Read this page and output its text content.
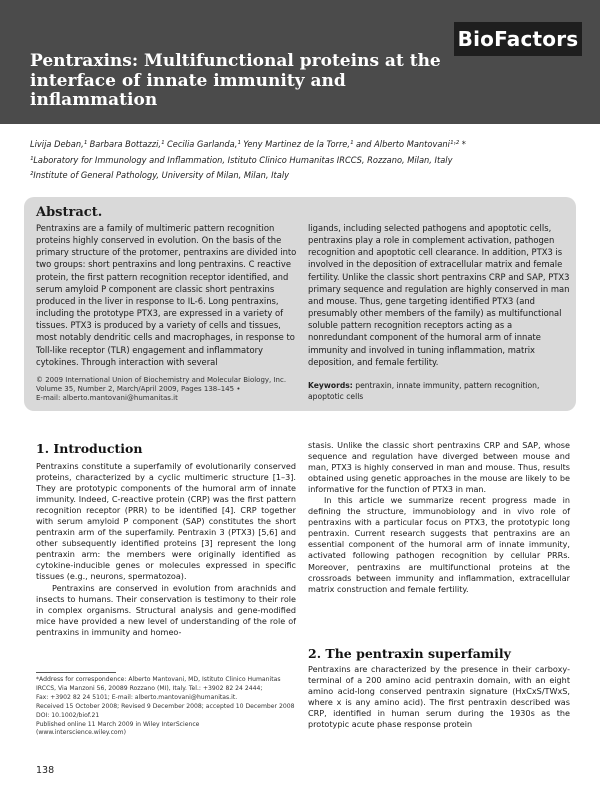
BioFactors
Pentraxins: Multifunctional proteins at the interface of innate immunity and inflammation
Livija Deban,¹ Barbara Bottazzi,¹ Cecilia Garlanda,¹ Yeny Martinez de la Torre,¹ and Alberto Mantovani¹˒² *
¹Laboratory for Immunology and Inflammation, Istituto Clinico Humanitas IRCCS, Rozzano, Milan, Italy
²Institute of General Pathology, University of Milan, Milan, Italy
Abstract.

Pentraxins are a family of multimeric pattern recognition proteins highly conserved in evolution. On the basis of the primary structure of the protomer, pentraxins are divided into two groups: short pentraxins and long pentraxins. C reactive protein, the first pattern recognition receptor identified, and serum amyloid P component are classic short pentraxins produced in the liver in response to IL-6. Long pentraxins, including the prototype PTX3, are expressed in a variety of tissues. PTX3 is produced by a variety of cells and tissues, most notably dendritic cells and macrophages, in response to Toll-like receptor (TLR) engagement and inflammatory cytokines. Through interaction with several

ligands, including selected pathogens and apoptotic cells, pentraxins play a role in complement activation, pathogen recognition and apoptotic cell clearance. In addition, PTX3 is involved in the deposition of extracellular matrix and female fertility. Unlike the classic short pentraxins CRP and SAP, PTX3 primary sequence and regulation are highly conserved in man and mouse. Thus, gene targeting identified PTX3 (and presumably other members of the family) as multifunctional soluble pattern recognition receptors acting as a nonredundant component of the humoral arm of innate immunity and involved in tuning inflammation, matrix deposition, and female fertility.

© 2009 International Union of Biochemistry and Molecular Biology, Inc.
Volume 35, Number 2, March/April 2009, Pages 138–145 •
E-mail: alberto.mantovani@humanitas.it

Keywords: pentraxin, innate immunity, pattern recognition, apoptotic cells

1. Introduction

Pentraxins constitute a superfamily of evolutionarily conserved proteins, characterized by a cyclic multimeric structure [1–3]. They are prototypic components of the humoral arm of innate immunity. Indeed, C-reactive protein (CRP) was the first pattern recognition receptor (PRR) to be identified [4]. CRP together with serum amyloid P component (SAP) constitutes the short pentraxin arm of the superfamily. Pentraxin 3 (PTX3) [5,6] and other subsequently identified proteins [3] represent the long pentraxin arm: the members were originally identified as cytokine-inducible genes or molecules expressed in specific tissues (e.g., neurons, spermatozoa).
Pentraxins are conserved in evolution from arachnids and insects to humans. Their conservation is testimony to their role in complex organisms. Structural analysis and gene-modified mice have provided a new level of understanding of the role of pentraxins in immunity and homeo-

*Address for correspondence: Alberto Mantovani, MD, Istituto Clinico Humanitas
IRCCS, Via Manzoni 56, 20089 Rozzano (MI), Italy. Tel.: +3902 82 24 2444;
Fax: +3902 82 24 5101; E-mail: alberto.mantovani@humanitas.it.
Received 15 October 2008; Revised 9 December 2008; accepted 10 December 2008
DOI: 10.1002/biof.21
Published online 11 March 2009 in Wiley InterScience
(www.interscience.wiley.com)

stasis. Unlike the classic short pentraxins CRP and SAP, whose sequence and regulation have diverged between mouse and man, PTX3 is highly conserved in man and mouse. Thus, results obtained using genetic approaches in the mouse are likely to be informative for the function of PTX3 in man.
In this article we summarize recent progress made in defining the structure, immunobiology and in vivo role of pentraxins with a particular focus on PTX3, the prototypic long pentraxin. Current research suggests that pentraxins are an essential component of the humoral arm of innate immunity, activated following pathogen recognition by cellular PRRs. Moreover, pentraxins are multifunctional proteins at the crossroads between immunity and inflammation, extracellular matrix construction and female fertility.

2. The pentraxin superfamily

Pentraxins are characterized by the presence in their carboxy-terminal of a 200 amino acid pentraxin domain, with an eight amino acid-long conserved pentraxin signature (HxCxS/TWxS, where x is any amino acid). The first pentraxin described was CRP, identified in human serum during the 1930s as the prototypic acute phase response protein

138
